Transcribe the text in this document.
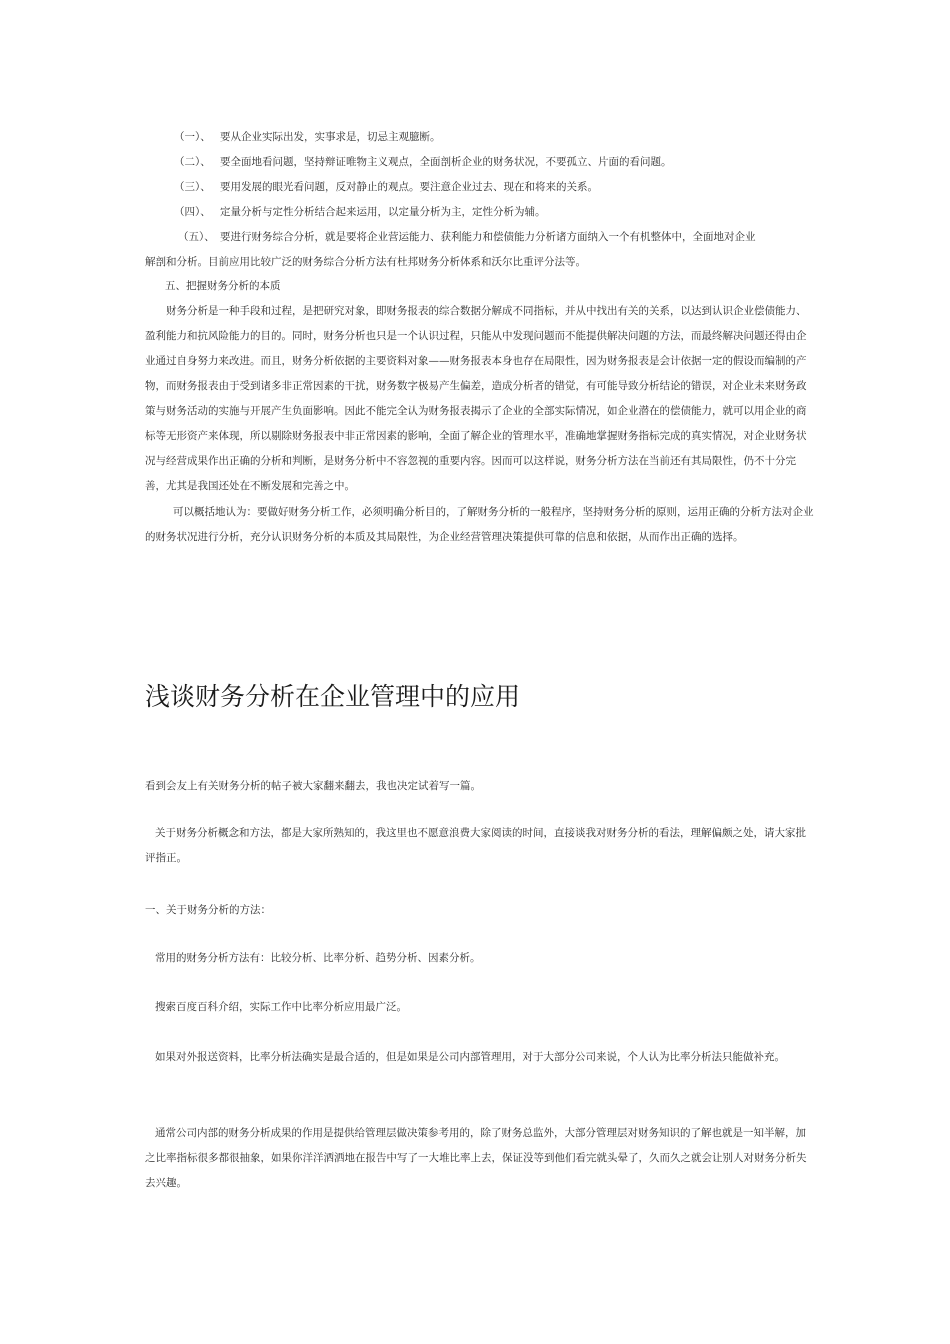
（一）、 要从企业实际出发，实事求是，切忌主观臆断。

（二）、 要全面地看问题，坚持辩证唯物主义观点，全面剖析企业的财务状况，不要孤立、片面的看问题。

（三）、 要用发展的眼光看问题，反对静止的观点。要注意企业过去、现在和将来的关系。

（四）、 定量分析与定性分析结合起来运用，以定量分析为主，定性分析为辅。

（五）、　要进行财务综合分析，就是要将企业营运能力、获利能力和偿债能力分析诸方面纳入一个有机整体中，全面地对企业

解剖和分析。目前应用比较广泛的财务综合分析方法有杜邦财务分析体系和沃尔比重评分法等。

五、把握财务分析的本质

财务分析是一种手段和过程，是把研究对象，即财务报表的综合数据分解成不同指标，并从中找出有关的关系，以达到认识企业偿债能力、盈利能力和抗风险能力的目的。同时，财务分析也只是一个认识过程，只能从中发现问题而不能提供解决问题的方法，而最终解决问题还得由企业通过自身努力来改进。而且，财务分析依据的主要资料对象——财务报表本身也存在局限性，因为财务报表是会计依据一定的假设而编制的产物，而财务报表由于受到诸多非正常因素的干扰，财务数字极易产生偏差，造成分析者的错觉，有可能导致分析结论的错误，对企业未来财务政策与财务活动的实施与开展产生负面影响。因此不能完全认为财务报表揭示了企业的全部实际情况，如企业潜在的偿债能力，就可以用企业的商标等无形资产来体现，所以剔除财务报表中非正常因素的影响，全面了解企业的管理水平，准确地掌握财务指标完成的真实情况，对企业财务状况与经营成果作出正确的分析和判断，是财务分析中不容忽视的重要内容。因而可以这样说，财务分析方法在当前还有其局限性，仍不十分完善，尤其是我国还处在不断发展和完善之中。

可以概括地认为：要做好财务分析工作，必须明确分析目的，了解财务分析的一般程序，坚持财务分析的原则，运用正确的分析方法对企业的财务状况进行分析，充分认识财务分析的本质及其局限性，为企业经营管理决策提供可靠的信息和依据，从而作出正确的选择。

浅谈财务分析在企业管理中的应用

看到会友上有关财务分析的帖子被大家翻来翻去，我也决定试着写一篇。

关于财务分析概念和方法，都是大家所熟知的，我这里也不愿意浪费大家阅读的时间，直接谈我对财务分析的看法，理解偏颇之处，请大家批评指正。

一、关于财务分析的方法：

常用的财务分析方法有：比较分析、比率分析、趋势分析、因素分析。

搜索百度百科介绍，实际工作中比率分析应用最广泛。

如果对外报送资料，比率分析法确实是最合适的，但是如果是公司内部管理用，对于大部分公司来说，个人认为比率分析法只能做补充。

通常公司内部的财务分析成果的作用是提供给管理层做决策参考用的，除了财务总监外，大部分管理层对财务知识的了解也就是一知半解，加之比率指标很多都很抽象，如果你洋洋洒洒地在报告中写了一大堆比率上去，保证没等到他们看完就头晕了，久而久之就会让别人对财务分析失去兴趣。
